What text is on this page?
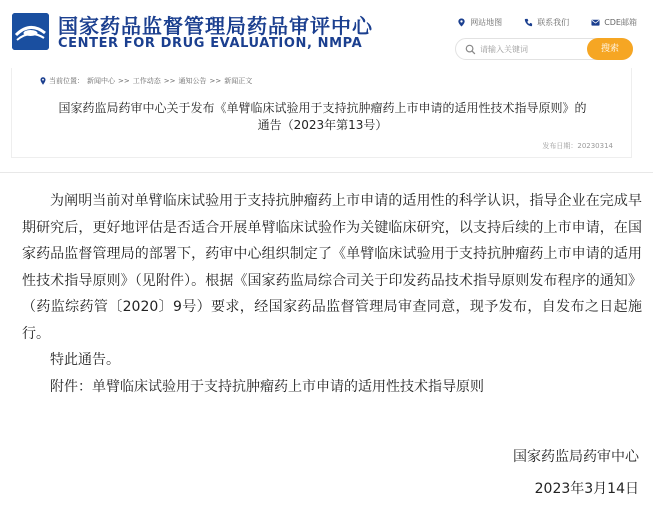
国家药品监督管理局药品审评中心
CENTER FOR DRUG EVALUATION, NMPA
网站地图	联系我们	CDE邮箱
请输入关键词
搜索
当前位置： 新闻中心 >> 工作动态 >> 通知公告 >> 新闻正文
国家药监局药审中心关于发布《单臂临床试验用于支持抗肿瘤药上市申请的适用性技术指导原则》的
通告（2023年第13号）
发布日期：20230314

为阐明当前对单臂临床试验用于支持抗肿瘤药上市申请的适用性的科学认识，指导企业在完成早期研究后，更好地评估是否适合开展单臂临床试验作为关键临床研究，以支持后续的上市申请，在国家药品监督管理局的部署下，药审中心组织制定了《单臂临床试验用于支持抗肿瘤药上市申请的适用性技术指导原则》（见附件）。根据《国家药监局综合司关于印发药品技术指导原则发布程序的通知》（药监综药管〔2020〕9号）要求，经国家药品监督管理局审查同意，现予发布，自发布之日起施行。

特此通告。

附件：单臂临床试验用于支持抗肿瘤药上市申请的适用性技术指导原则

国家药监局药审中心
2023年3月14日
